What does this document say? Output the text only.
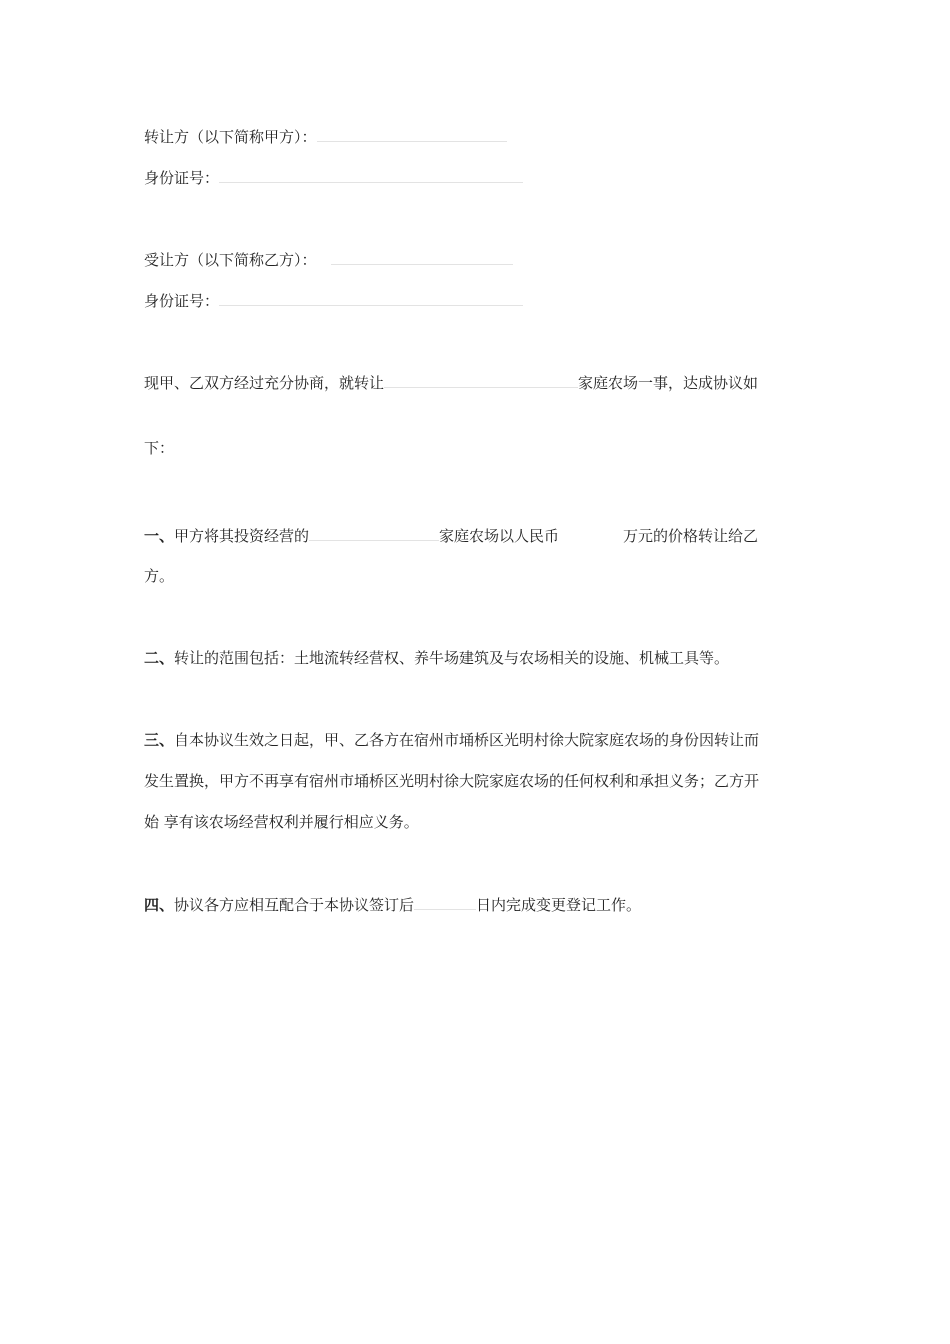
转让方（以下简称甲方）：
身份证号：
受让方（以下简称乙方）：
身份证号：
现甲、乙双方经过充分协商，就转让	家庭农场一事，达成协议如
下：
一、甲方将其投资经营的	家庭农场以人民币	万元的价格转让给乙
方。
二、转让的范围包括：土地流转经营权、养牛场建筑及与农场相关的设施、机械工具等。
三、自本协议生效之日起，甲、乙各方在宿州市埇桥区光明村徐大院家庭农场的身份因转让而
发生置换，甲方不再享有宿州市埇桥区光明村徐大院家庭农场的任何权利和承担义务；乙方开
始 享有该农场经营权利并履行相应义务。
四、协议各方应相互配合于本协议签订后	日内完成变更登记工作。
